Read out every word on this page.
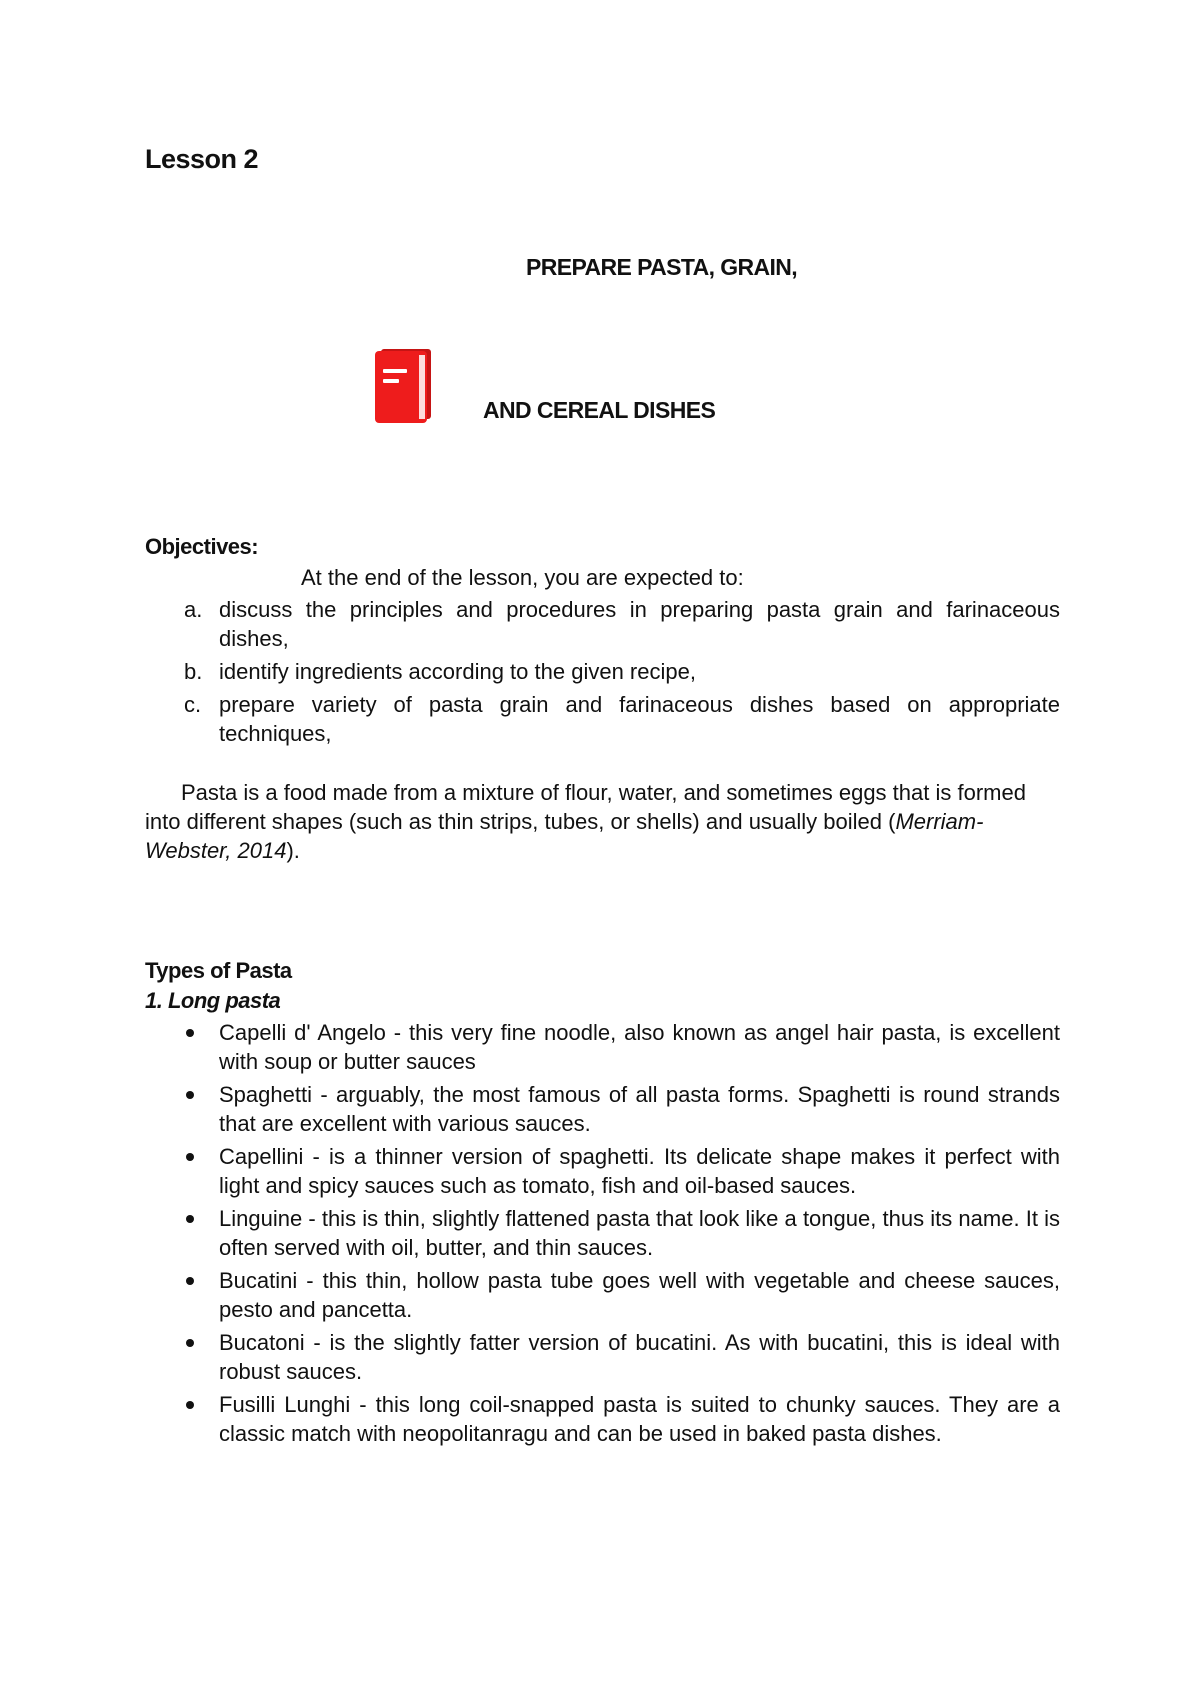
Lesson 2
PREPARE PASTA, GRAIN,
AND CEREAL DISHES
Objectives:
At the end of the lesson, you are expected to:
a. discuss the principles and procedures in preparing pasta grain and farinaceous dishes,
b. identify ingredients according to the given recipe,
c. prepare variety of pasta grain and farinaceous dishes based on appropriate techniques,
Pasta is a food made from a mixture of flour, water, and sometimes eggs that is formed into different shapes (such as thin strips, tubes, or shells) and usually boiled (Merriam-Webster, 2014).
Types of Pasta
1. Long pasta
Capelli d' Angelo - this very fine noodle, also known as angel hair pasta, is excellent with soup or butter sauces
Spaghetti - arguably, the most famous of all pasta forms. Spaghetti is round strands that are excellent with various sauces.
Capellini - is a thinner version of spaghetti. Its delicate shape makes it perfect with light and spicy sauces such as tomato, fish and oil-based sauces.
Linguine - this is thin, slightly flattened pasta that look like a tongue, thus its name. It is often served with oil, butter, and thin sauces.
Bucatini - this thin, hollow pasta tube goes well with vegetable and cheese sauces, pesto and pancetta.
Bucatoni - is the slightly fatter version of bucatini. As with bucatini, this is ideal with robust sauces.
Fusilli Lunghi - this long coil-snapped pasta is suited to chunky sauces. They are a classic match with neopolitanragu and can be used in baked pasta dishes.
